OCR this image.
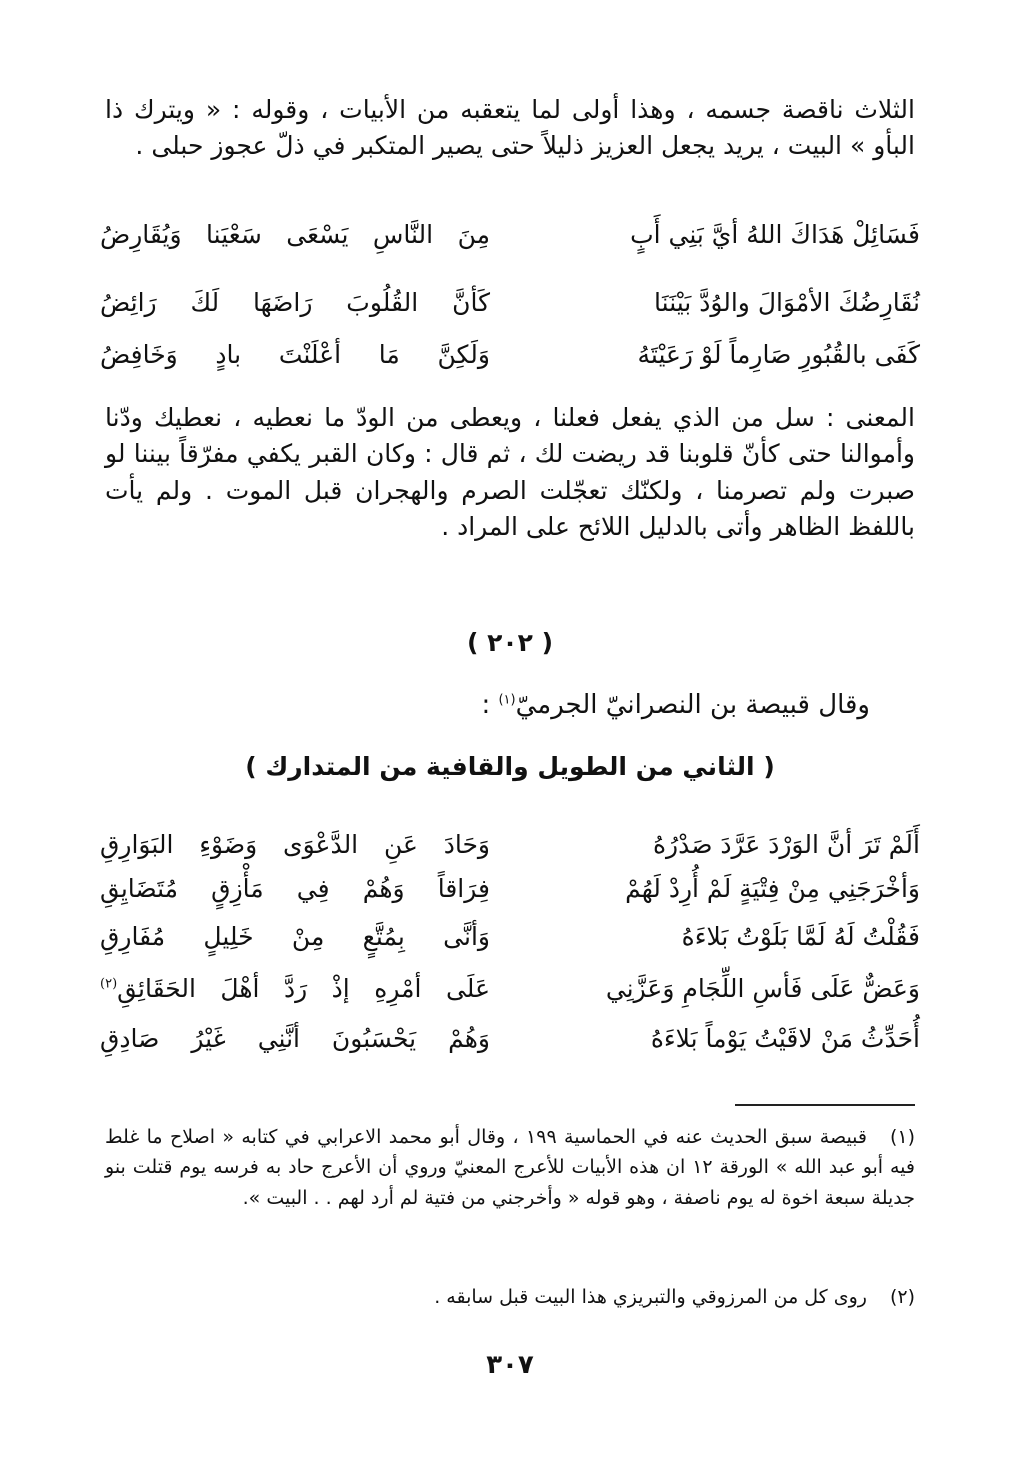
الثلاث ناقصة جسمه ، وهذا أولى لما يتعقبه من الأبيات ، وقوله : « ويترك ذا البأو » البيت ، يريد يجعل العزيز ذليلاً حتى يصير المتكبر في ذلّ عجوز حبلى .

فَسَائِلْ هَدَاكَ اللهُ أيَّ بَنِي أَبٍ
مِنَ النَّاسِ يَسْعَى سَعْيَنا وَيُقَارِضُ
نُقَارِضُكَ الأمْوَالَ والوُدَّ بَيْنَنَا
كَأنَّ القُلُوبَ رَاضَهَا لَكَ رَائِضُ
كَفَى بالقُبُورِ صَارِماً لَوْ رَعَيْتَهُ
وَلَكِنَّ مَا أعْلَنْتَ بادٍ وَخَافِضُ

المعنى : سل من الذي يفعل فعلنا ، ويعطى من الودّ ما نعطيه ، نعطيك ودّنا وأموالنا حتى كأنّ قلوبنا قد ريضت لك ، ثم قال : وكان القبر يكفي مفرّقاً بيننا لو صبرت ولم تصرمنا ، ولكنّك تعجّلت الصرم والهجران قبل الموت . ولم يأت باللفظ الظاهر وأتى بالدليل اللائح على المراد .

( ٢٠٢ )
وقال قبيصة بن النصرانيّ الجرميّ$^{(١)}$ :
( الثاني من الطويل والقافية من المتدارك )
أَلَمْ تَرَ أنَّ الوَرْدَ عَرَّدَ صَدْرُهُ
وَحَادَ عَنِ الدَّعْوَى وَضَوْءِ البَوَارِقِ
وَأخْرَجَنِي مِنْ فِتْيَةٍ لَمْ أُرِدْ لَهُمْ
فِرَاقاً وَهُمْ فِي مَأْزِقٍ مُتَضَايِقِ
فَقُلْتُ لَهُ لَمَّا بَلَوْتُ بَلاءَهُ
وَأنَّى بِمُتَّعٍ مِنْ خَلِيلٍ مُفَارِقِ
وَعَضٌّ عَلَى فَأسِ اللِّجَامِ وَعَزَّنِي
عَلَى أمْرِهِ إذْ رَدَّ أهْلَ الحَقَائِقِ$^{(٢)}$
أُحَدِّثُ مَنْ لاقَيْتُ يَوْماً بَلاءَهُ
وَهُمْ يَحْسَبُونَ أنَّنِي غَيْرُ صَادِقِ
(١)قبيصة سبق الحديث عنه في الحماسية ١٩٩ ، وقال أبو محمد الاعرابي في كتابه « اصلاح ما غلط فيه أبو عبد الله » الورقة ١٢ ان هذه الأبيات للأعرج المعنيّ وروي أن الأعرج حاد به فرسه يوم قتلت بنو جديلة سبعة اخوة له يوم ناصفة ، وهو قوله « وأخرجني من فتية لم أرد لهم . . البيت ».
(٢)روى كل من المرزوقي والتبريزي هذا البيت قبل سابقه .
٣٠٧
